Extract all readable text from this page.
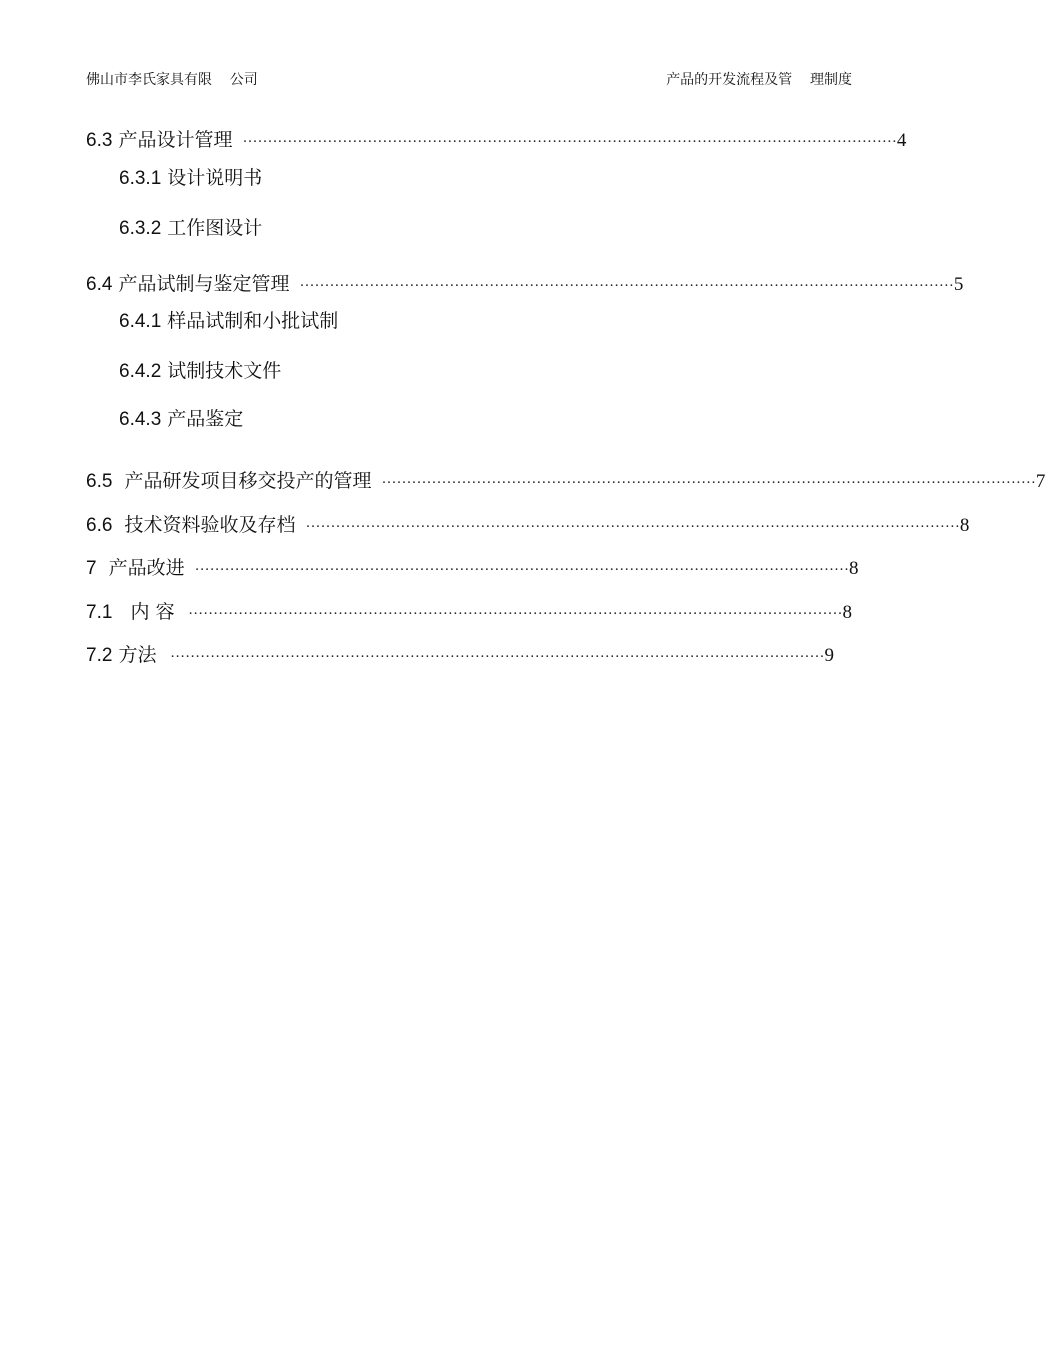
佛山市李氏家具有限    公司	产品的开发流程及管    理制度
6.3 产品设计管理 ··································································································································· 4
6.3.1 设计说明书
6.3.2 工作图设计
6.4 产品试制与鉴定管理 ··································································································································· 5
6.4.1 样品试制和小批试制
6.4.2 试制技术文件
6.4.3 产品鉴定
6.5  产品研发项目移交投产的管理 ··································································································································· 7
6.6  技术资料验收及存档 ··································································································································· 8
7  产品改进 ··································································································································· 8
7.1   内 容 ··································································································································· 8
7.2 方法 ··································································································································· 9
